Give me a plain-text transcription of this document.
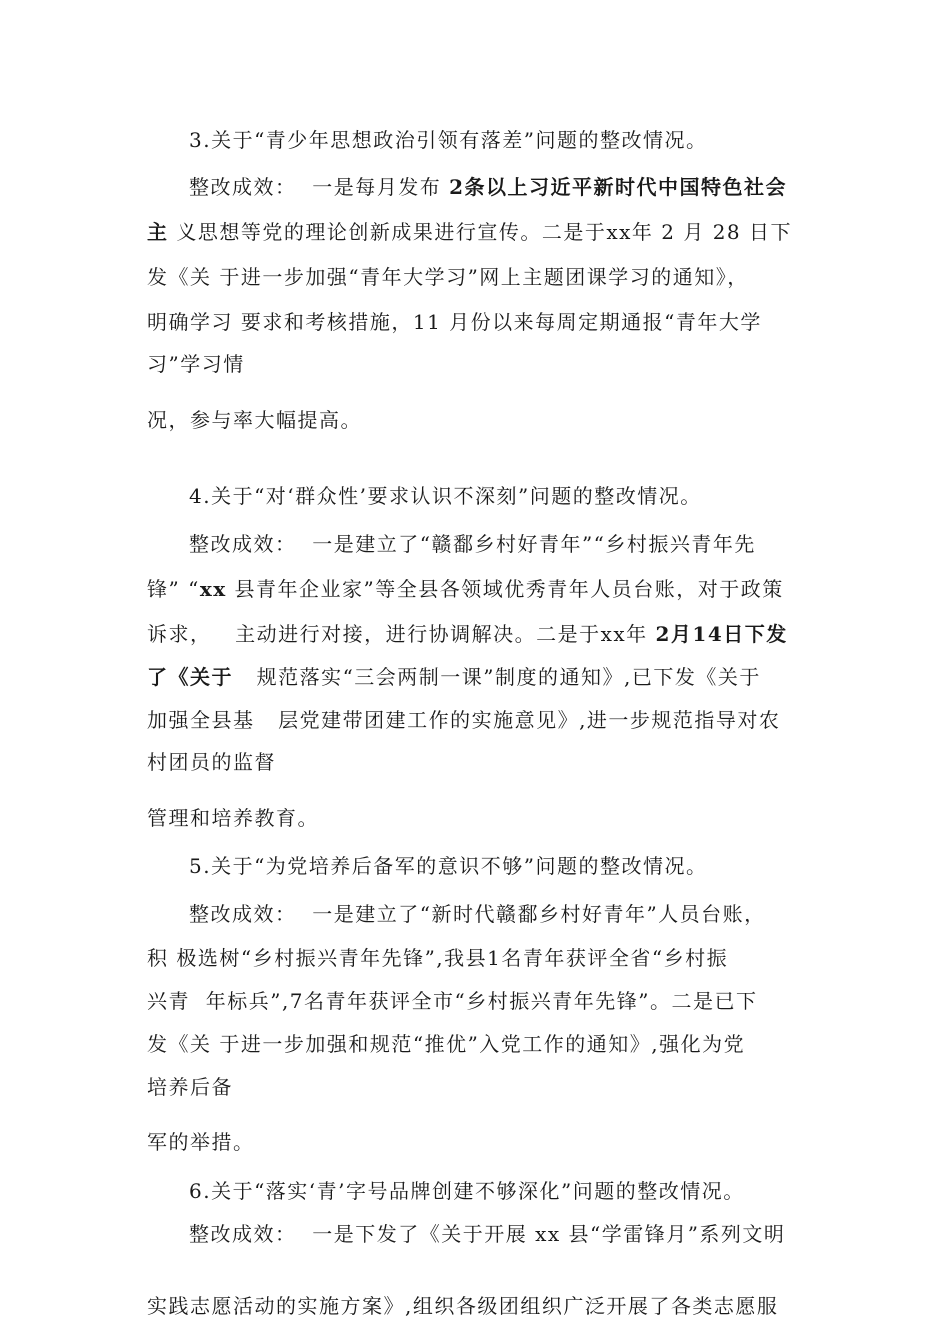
3.关于“青少年思想政治引领有落差”问题的整改情况。
整改成效：  一是每月发布 2条以上习近平新时代中国特色社会
主 义思想等党的理论创新成果进行宣传。二是于xx年 2 月 28 日下
发《关 于进一步加强“青年大学习”网上主题团课学习的通知》，
明确学习 要求和考核措施，11 月份以来每周定期通报“青年大学
习”学习情
况，参与率大幅提高。
4.关于“对‘群众性’要求认识不深刻”问题的整改情况。
整改成效：  一是建立了“赣鄱乡村好青年”“乡村振兴青年先
锋” “xx 县青年企业家”等全县各领域优秀青年人员台账，对于政策
诉求，   主动进行对接，进行协调解决。二是于xx年 2月14日下发
了《关于   规范落实“三会两制一课”制度的通知》,已下发《关于
加强全县基   层党建带团建工作的实施意见》,进一步规范指导对农
村团员的监督
管理和培养教育。
5.关于“为党培养后备军的意识不够”问题的整改情况。
整改成效：  一是建立了“新时代赣鄱乡村好青年”人员台账，
积 极选树“乡村振兴青年先锋”,我县1名青年获评全省“乡村振
兴青  年标兵”,7名青年获评全市“乡村振兴青年先锋”。二是已下
发《关 于进一步加强和规范“推优”入党工作的通知》,强化为党
培养后备
军的举措。
6.关于“落实‘青’字号品牌创建不够深化”问题的整改情况。
整改成效：  一是下发了《关于开展 xx 县“学雷锋月”系列文明
实践志愿活动的实施方案》,组织各级团组织广泛开展了各类志愿服
